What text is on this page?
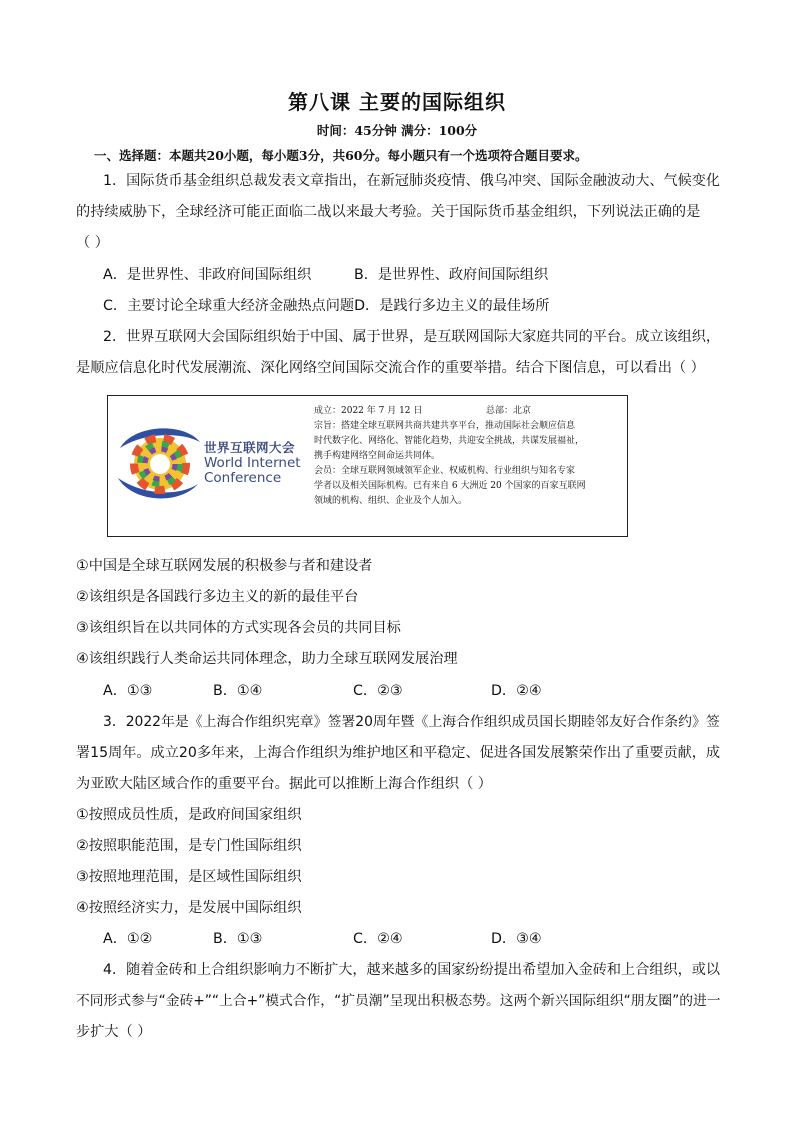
第八课 主要的国际组织
时间：45分钟 满分：100分
一、选择题：本题共20小题，每小题3分，共60分。每小题只有一个选项符合题目要求。
1．国际货币基金组织总裁发表文章指出，在新冠肺炎疫情、俄乌冲突、国际金融波动大、气候变化
的持续威胁下，全球经济可能正面临二战以来最大考验。关于国际货币基金组织，下列说法正确的是
（ ）
A．是世界性、非政府间国际组织	B．是世界性、政府间国际组织
C．主要讨论全球重大经济金融热点问题D．是践行多边主义的最佳场所
2．世界互联网大会国际组织始于中国、属于世界，是互联网国际大家庭共同的平台。成立该组织，
是顺应信息化时代发展潮流、深化网络空间国际交流合作的重要举措。结合下图信息，可以看出（ ）
世界互联网大会
World Internet
Conference
成立：2022 年 7 月 12 日	总部：北京
宗旨：搭建全球互联网共商共建共享平台，推动国际社会顺应信息
时代数字化、网络化、智能化趋势，共迎安全挑战，共谋发展福祉，
携手构建网络空间命运共同体。
会员：全球互联网领域领军企业、权威机构、行业组织与知名专家
学者以及相关国际机构。已有来自 6 大洲近 20 个国家的百家互联网
领域的机构、组织、企业及个人加入。
①中国是全球互联网发展的积极参与者和建设者
②该组织是各国践行多边主义的新的最佳平台
③该组织旨在以共同体的方式实现各会员的共同目标
④该组织践行人类命运共同体理念，助力全球互联网发展治理
A．①③	B．①④	C．②③	D．②④
3．2022年是《上海合作组织宪章》签署20周年暨《上海合作组织成员国长期睦邻友好合作条约》签
署15周年。成立20多年来，上海合作组织为维护地区和平稳定、促进各国发展繁荣作出了重要贡献，成
为亚欧大陆区域合作的重要平台。据此可以推断上海合作组织（ ）
①按照成员性质，是政府间国家组织
②按照职能范围，是专门性国际组织
③按照地理范围，是区域性国际组织
④按照经济实力，是发展中国际组织
A．①②	B．①③	C．②④	D．③④
4．随着金砖和上合组织影响力不断扩大，越来越多的国家纷纷提出希望加入金砖和上合组织，或以
不同形式参与“金砖+”“上合+”模式合作，“扩员潮”呈现出积极态势。这两个新兴国际组织“朋友圈”的进一
步扩大（ ）
